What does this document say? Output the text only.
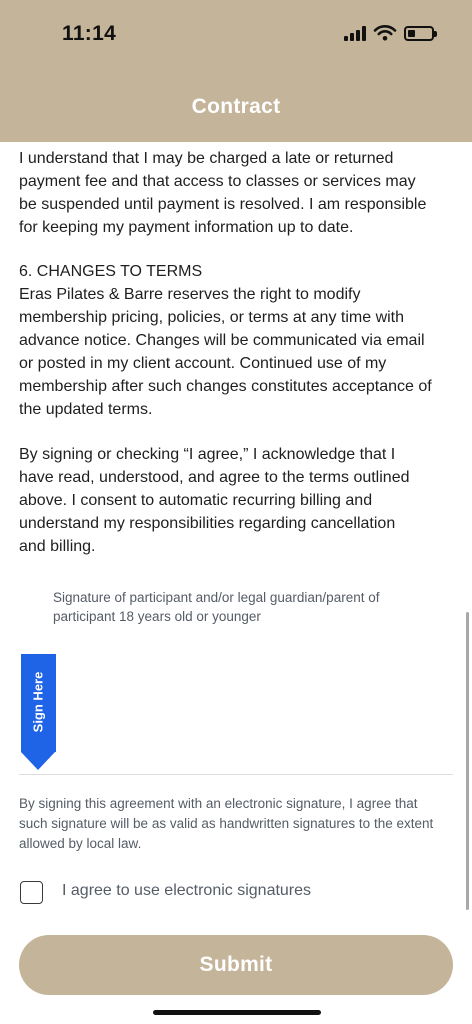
11:14
Contract
I understand that I may be charged a late or returned
payment fee and that access to classes or services may
be suspended until payment is resolved. I am responsible
for keeping my payment information up to date.
6. CHANGES TO TERMS
Eras Pilates & Barre reserves the right to modify
membership pricing, policies, or terms at any time with
advance notice. Changes will be communicated via email
or posted in my client account. Continued use of my
membership after such changes constitutes acceptance of
the updated terms.
By signing or checking “I agree,” I acknowledge that I
have read, understood, and agree to the terms outlined
above. I consent to automatic recurring billing and
understand my responsibilities regarding cancellation
and billing.
Signature of participant and/or legal guardian/parent of participant 18 years old or younger
Sign Here
By signing this agreement with an electronic signature, I agree that such signature will be as valid as handwritten signatures to the extent allowed by local law.
I agree to use electronic signatures
Submit
